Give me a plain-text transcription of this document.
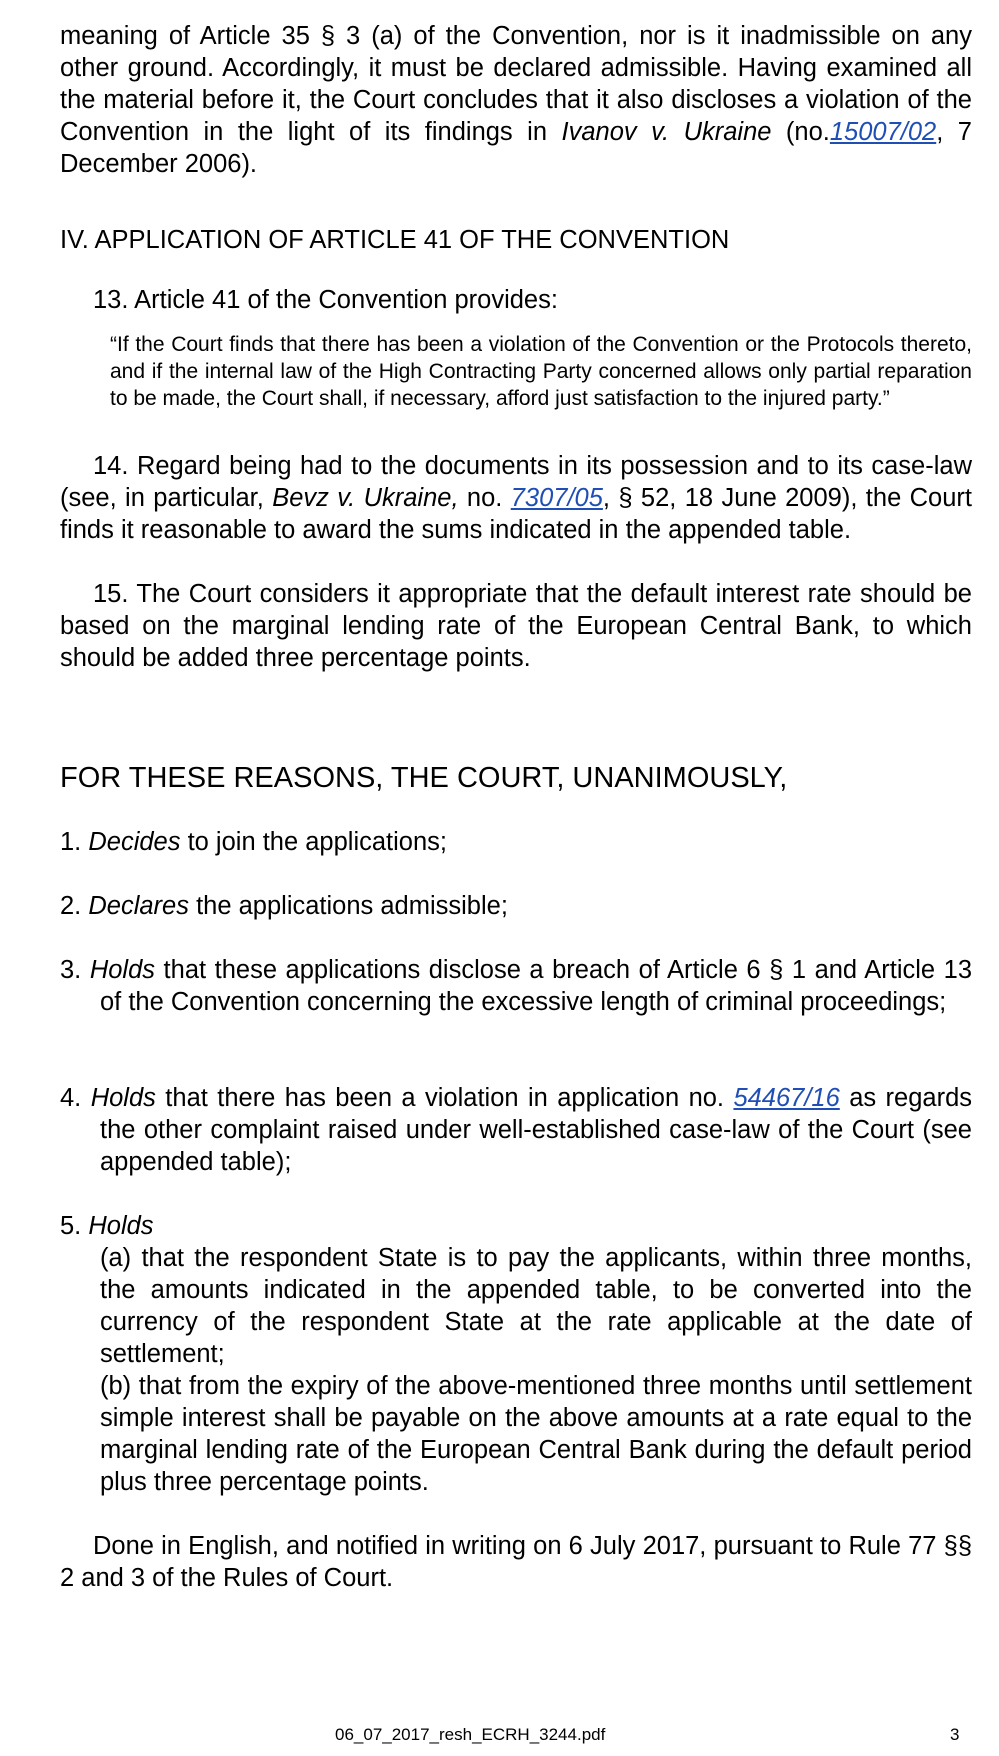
meaning of Article 35 § 3 (a) of the Convention, nor is it inadmissible on any other ground. Accordingly, it must be declared admissible. Having examined all the material before it, the Court concludes that it also discloses a violation of the Convention in the light of its findings in Ivanov v. Ukraine (no.15007/02, 7 December 2006).

IV. APPLICATION OF ARTICLE 41 OF THE CONVENTION

13. Article 41 of the Convention provides:

“If the Court finds that there has been a violation of the Convention or the Protocols thereto, and if the internal law of the High Contracting Party concerned allows only partial reparation to be made, the Court shall, if necessary, afford just satisfaction to the injured party.”

14. Regard being had to the documents in its possession and to its case-law (see, in particular, Bevz v. Ukraine, no. 7307/05, § 52, 18 June 2009), the Court finds it reasonable to award the sums indicated in the appended table.

15. The Court considers it appropriate that the default interest rate should be based on the marginal lending rate of the European Central Bank, to which should be added three percentage points.

FOR THESE REASONS, THE COURT, UNANIMOUSLY,

1. Decides to join the applications;
2. Declares the applications admissible;
3. Holds that these applications disclose a breach of Article 6 § 1 and Article 13 of the Convention concerning the excessive length of criminal proceedings;
4. Holds that there has been a violation in application no. 54467/16 as regards the other complaint raised under well-established case-law of the Court (see appended table);
5. Holds
(a) that the respondent State is to pay the applicants, within three months, the amounts indicated in the appended table, to be converted into the currency of the respondent State at the rate applicable at the date of settlement;
(b) that from the expiry of the above-mentioned three months until settlement simple interest shall be payable on the above amounts at a rate equal to the marginal lending rate of the European Central Bank during the default period plus three percentage points.

Done in English, and notified in writing on 6 July 2017, pursuant to Rule 77 §§ 2 and 3 of the Rules of Court.

06_07_2017_resh_ECRH_3244.pdf	3
